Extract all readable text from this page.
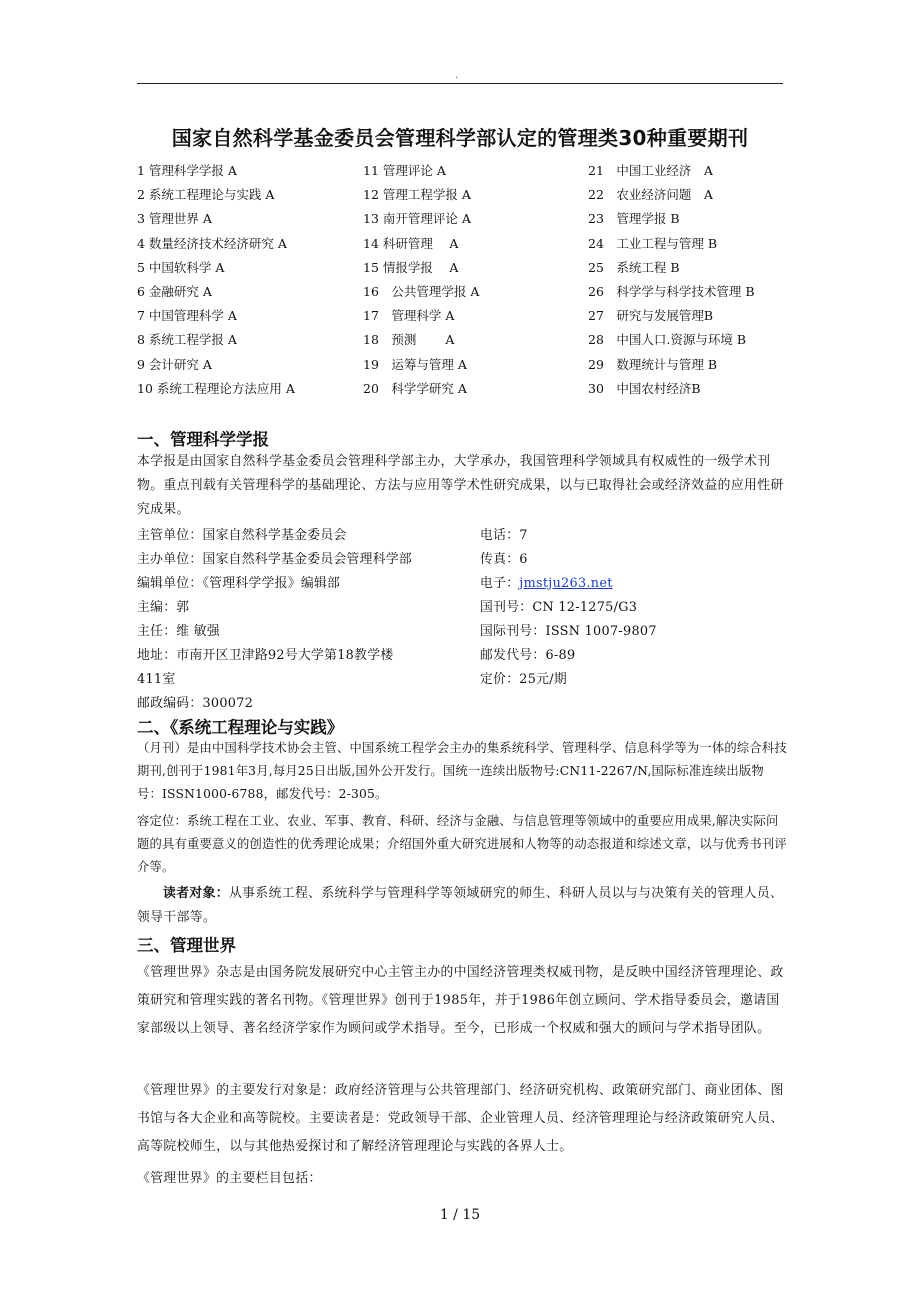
.
国家自然科学基金委员会管理科学部认定的管理类30种重要期刊
1 管理科学学报 A
2 系统工程理论与实践 A
3 管理世界 A
4 数量经济技术经济研究 A
5 中国软科学 A
6 金融研究 A
7 中国管理科学 A
8 系统工程学报 A
9 会计研究 A
10 系统工程理论方法应用 A
11 管理评论 A
12 管理工程学报 A
13 南开管理评论 A
14 科研管理　 A
15 情报学报　 A
16　公共管理学报 A
17　管理科学 A
18　预测　　 A
19　运筹与管理 A
20　科学学研究 A
21　中国工业经济　A
22　农业经济问题　A
23　管理学报 B
24　工业工程与管理 B
25　系统工程 B
26　科学学与科学技术管理 B
27　研究与发展管理B
28　中国人口.资源与环境 B
29　数理统计与管理 B
30　中国农村经济B
一、管理科学学报
本学报是由国家自然科学基金委员会管理科学部主办，大学承办，我国管理科学领域具有权威性的一级学术刊物。重点刊载有关管理科学的基础理论、方法与应用等学术性研究成果，以与已取得社会或经济效益的应用性研究成果。
主管单位：国家自然科学基金委员会
主办单位：国家自然科学基金委员会管理科学部
编辑单位：《管理科学学报》编辑部
主编：郭
主任：维 敏强
地址：市南开区卫津路92号大学第18教学楼
411室
邮政编码：300072
电话：7
传真：6
电子：jmstju263.net
国刊号：CN 12-1275/G3
国际刊号：ISSN 1007-9807
邮发代号：6-89
定价：25元/期
二、《系统工程理论与实践》
（月刊）是由中国科学技术协会主管、中国系统工程学会主办的集系统科学、管理科学、信息科学等为一体的综合科技期刊,创刊于1981年3月,每月25日出版,国外公开发行。国统一连续出版物号:CN11-2267/N,国际标准连续出版物号：ISSN1000-6788，邮发代号：2-305。
容定位：系统工程在工业、农业、军事、教育、科研、经济与金融、与信息管理等领域中的重要应用成果,解决实际问题的具有重要意义的创造性的优秀理论成果；介绍国外重大研究进展和人物等的动态报道和综述文章，以与优秀书刊评介等。
读者对象：从事系统工程、系统科学与管理科学等领域研究的师生、科研人员以与与决策有关的管理人员、领导干部等。
三、管理世界
《管理世界》杂志是由国务院发展研究中心主管主办的中国经济管理类权威刊物，是反映中国经济管理理论、政 策研究和管理实践的著名刊物。《管理世界》创刊于1985年，并于1986年创立顾问、学术指导委员会，邀请国家部级以上领导、著名经济学家作为顾问或学术指导。至今，已形成一个权威和强大的顾问与学术指导团队。
《管理世界》的主要发行对象是：政府经济管理与公共管理部门、经济研究机构、政策研究部门、商业团体、图书馆与各大企业和高等院校。主要读者是：党政领导干部、企业管理人员、经济管理理论与经济政策研究人员、高等院校师生，以与其他热爱探讨和了解经济管理理论与实践的各界人士。
《管理世界》的主要栏目包括：
1 / 15
